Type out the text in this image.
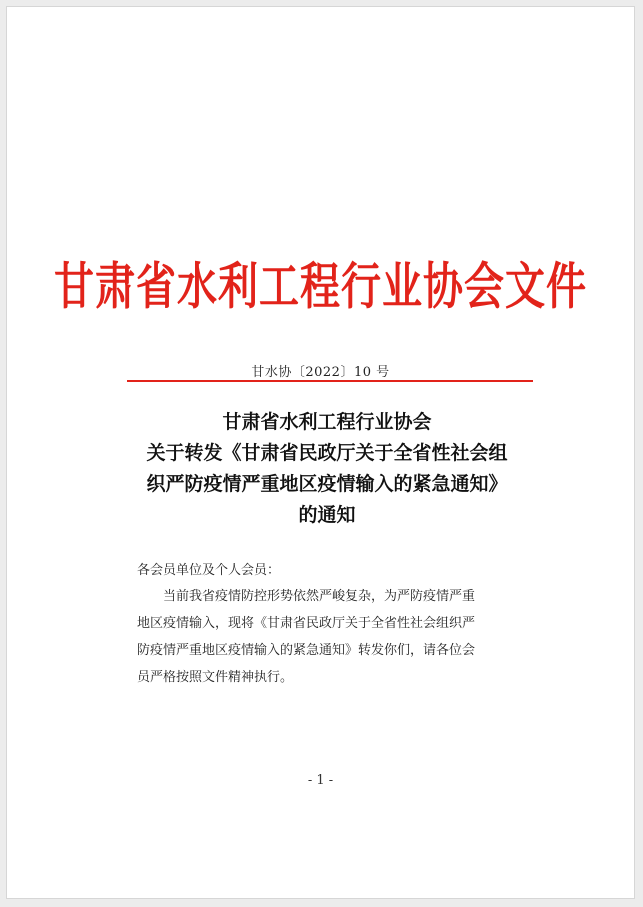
甘肃省水利工程行业协会文件
甘水协〔2022〕10 号
甘肃省水利工程行业协会
关于转发《甘肃省民政厅关于全省性社会组
织严防疫情严重地区疫情输入的紧急通知》
的通知
各会员单位及个人会员：
　　当前我省疫情防控形势依然严峻复杂，为严防疫情严重
地区疫情输入，现将《甘肃省民政厅关于全省性社会组织严
防疫情严重地区疫情输入的紧急通知》转发你们，请各位会
员严格按照文件精神执行。
- 1 -
